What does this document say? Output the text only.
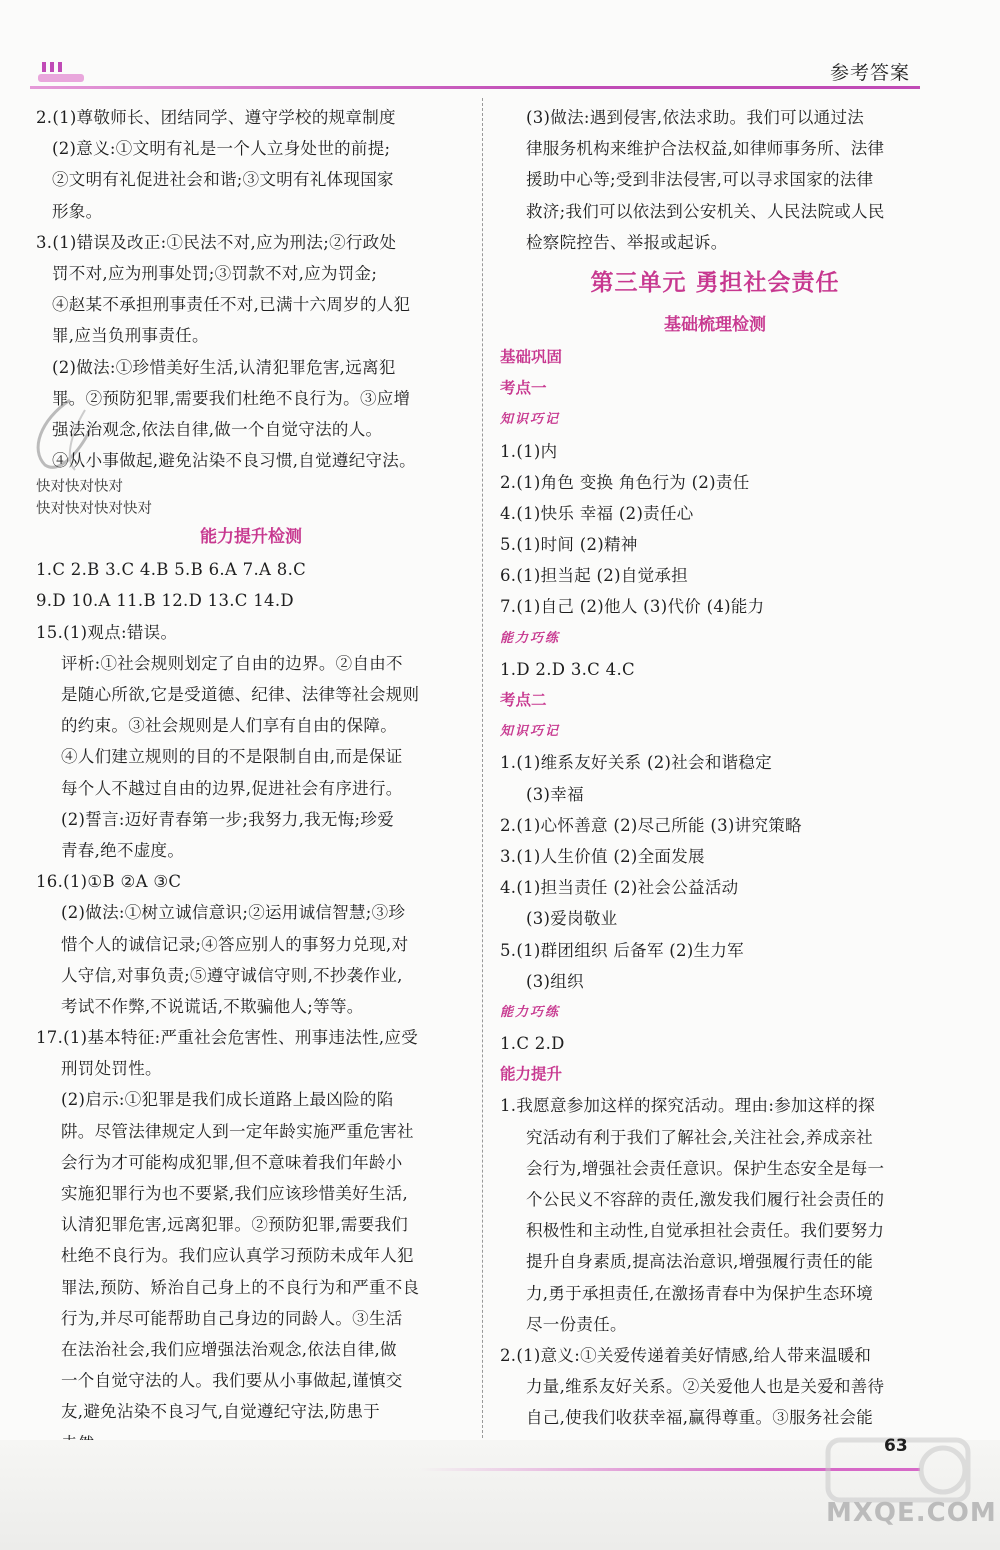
参考答案
2.(1)尊敬师长、团结同学、遵守学校的规章制度
(2)意义:①文明有礼是一个人立身处世的前提;
②文明有礼促进社会和谐;③文明有礼体现国家
形象。
3.(1)错误及改正:①民法不对,应为刑法;②行政处
罚不对,应为刑事处罚;③罚款不对,应为罚金;
④赵某不承担刑事责任不对,已满十六周岁的人犯
罪,应当负刑事责任。
(2)做法:①珍惜美好生活,认清犯罪危害,远离犯
罪。②预防犯罪,需要我们杜绝不良行为。③应增
强法治观念,依法自律,做一个自觉守法的人。
④从小事做起,避免沾染不良习惯,自觉遵纪守法。
快对快对快对
快对快对快对快对
能力提升检测
1.C 2.B 3.C 4.B 5.B 6.A 7.A 8.C
9.D 10.A 11.B 12.D 13.C 14.D
15.(1)观点:错误。
评析:①社会规则划定了自由的边界。②自由不
是随心所欲,它是受道德、纪律、法律等社会规则
的约束。③社会规则是人们享有自由的保障。
④人们建立规则的目的不是限制自由,而是保证
每个人不越过自由的边界,促进社会有序进行。
(2)誓言:迈好青春第一步;我努力,我无悔;珍爱
青春,绝不虚度。
16.(1)①B ②A ③C
(2)做法:①树立诚信意识;②运用诚信智慧;③珍
惜个人的诚信记录;④答应别人的事努力兑现,对
人守信,对事负责;⑤遵守诚信守则,不抄袭作业,
考试不作弊,不说谎话,不欺骗他人;等等。
17.(1)基本特征:严重社会危害性、刑事违法性,应受
刑罚处罚性。
(2)启示:①犯罪是我们成长道路上最凶险的陷
阱。尽管法律规定人到一定年龄实施严重危害社
会行为才可能构成犯罪,但不意味着我们年龄小
实施犯罪行为也不要紧,我们应该珍惜美好生活,
认清犯罪危害,远离犯罪。②预防犯罪,需要我们
杜绝不良行为。我们应认真学习预防未成年人犯
罪法,预防、矫治自己身上的不良行为和严重不良
行为,并尽可能帮助自己身边的同龄人。③生活
在法治社会,我们应增强法治观念,依法自律,做
一个自觉守法的人。我们要从小事做起,谨慎交
友,避免沾染不良习气,自觉遵纪守法,防患于
(3)做法:遇到侵害,依法求助。我们可以通过法
律服务机构来维护合法权益,如律师事务所、法律
援助中心等;受到非法侵害,可以寻求国家的法律
救济;我们可以依法到公安机关、人民法院或人民
检察院控告、举报或起诉。
第三单元 勇担社会责任
基础梳理检测
基础巩固
考点一
知识巧记
1.(1)内
2.(1)角色 变换 角色行为 (2)责任
4.(1)快乐 幸福 (2)责任心
5.(1)时间 (2)精神
6.(1)担当起 (2)自觉承担
7.(1)自己 (2)他人 (3)代价 (4)能力
能力巧练
1.D 2.D 3.C 4.C
考点二
知识巧记
1.(1)维系友好关系 (2)社会和谐稳定
(3)幸福
2.(1)心怀善意 (2)尽己所能 (3)讲究策略
3.(1)人生价值 (2)全面发展
4.(1)担当责任 (2)社会公益活动
(3)爱岗敬业
5.(1)群团组织 后备军 (2)生力军
(3)组织
能力巧练
1.C 2.D
能力提升
1.我愿意参加这样的探究活动。理由:参加这样的探
究活动有利于我们了解社会,关注社会,养成亲社
会行为,增强社会责任意识。保护生态安全是每一
个公民义不容辞的责任,激发我们履行社会责任的
积极性和主动性,自觉承担社会责任。我们要努力
提升自身素质,提高法治意识,增强履行责任的能
力,勇于承担责任,在激扬青春中为保护生态环境
尽一份责任。
2.(1)意义:①关爱传递着美好情感,给人带来温暖和
力量,维系友好关系。②关爱他人也是关爱和善待
自己,使我们收获幸福,赢得尊重。③服务社会能
63
MXQE.COM
